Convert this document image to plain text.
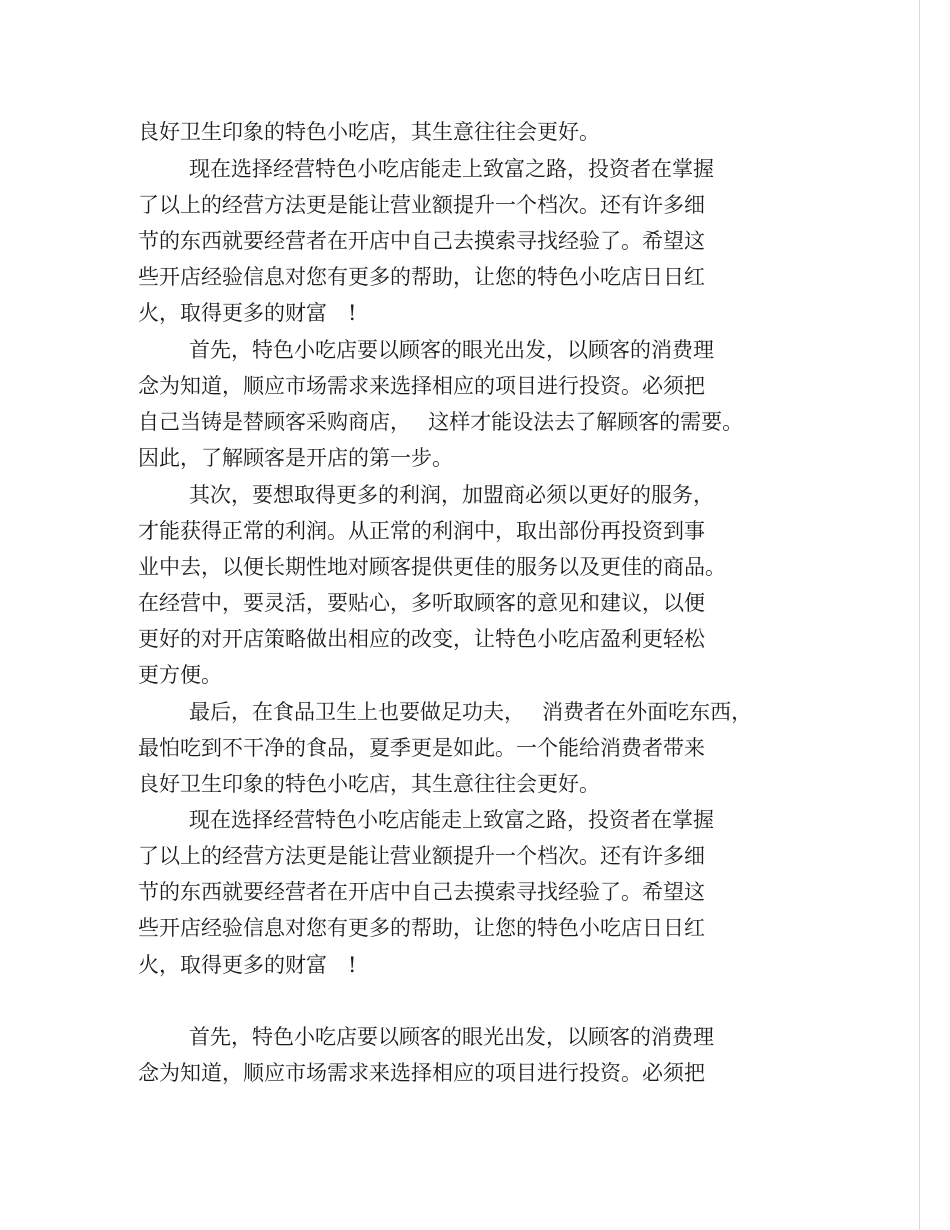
良好卫生印象的特色小吃店，其生意往往会更好。

现在选择经营特色小吃店能走上致富之路，投资者在掌握

了以上的经营方法更是能让营业额提升一个档次。还有许多细

节的东西就要经营者在开店中自己去摸索寻找经验了。希望这

些开店经验信息对您有更多的帮助，让您的特色小吃店日日红

火，取得更多的财富　!

首先，特色小吃店要以顾客的眼光出发，以顾客的消费理

念为知道，顺应市场需求来选择相应的项目进行投资。必须把

自己当铸是替顾客采购商店，　 这样才能设法去了解顾客的需要。

因此，了解顾客是开店的第一步。

其次，要想取得更多的利润，加盟商必须以更好的服务，

才能获得正常的利润。从正常的利润中，取出部份再投资到事

业中去，以便长期性地对顾客提供更佳的服务以及更佳的商品。

在经营中，要灵活，要贴心，多听取顾客的意见和建议，以便

更好的对开店策略做出相应的改变，让特色小吃店盈利更轻松

更方便。

最后，在食品卫生上也要做足功夫，　 消费者在外面吃东西，

最怕吃到不干净的食品，夏季更是如此。一个能给消费者带来

良好卫生印象的特色小吃店，其生意往往会更好。

现在选择经营特色小吃店能走上致富之路，投资者在掌握

了以上的经营方法更是能让营业额提升一个档次。还有许多细

节的东西就要经营者在开店中自己去摸索寻找经验了。希望这

些开店经验信息对您有更多的帮助，让您的特色小吃店日日红

火，取得更多的财富　!

首先，特色小吃店要以顾客的眼光出发，以顾客的消费理

念为知道，顺应市场需求来选择相应的项目进行投资。必须把
